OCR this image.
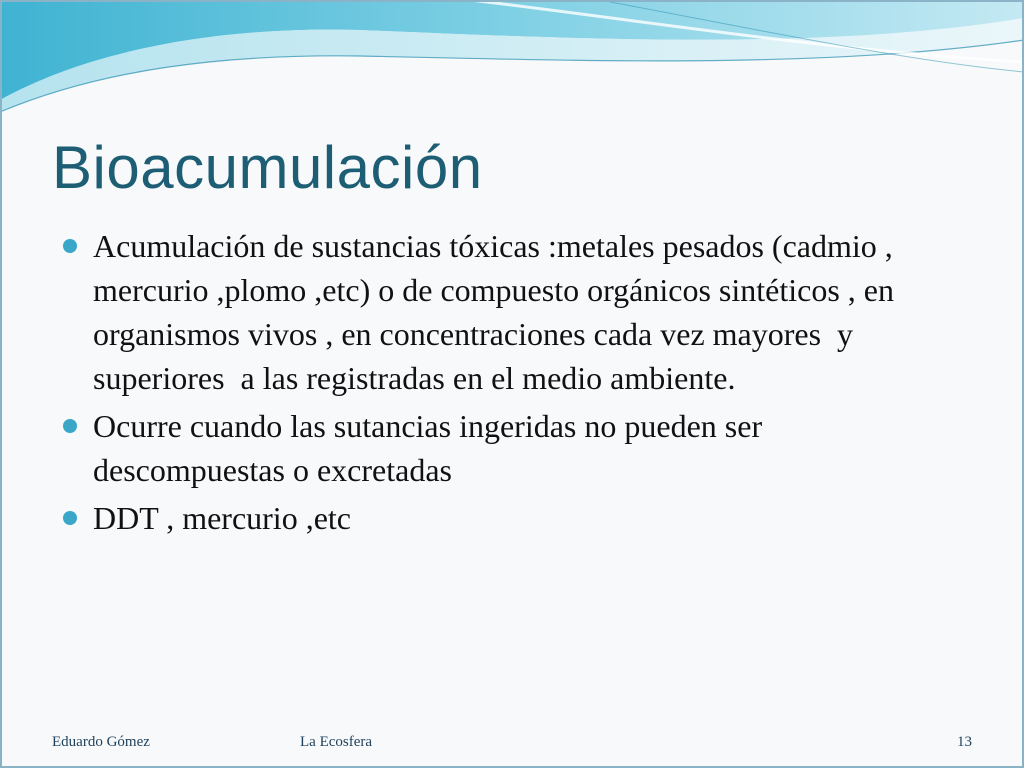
Bioacumulación
Acumulación de sustancias tóxicas :metales pesados (cadmio , mercurio ,plomo ,etc) o de compuesto orgánicos sintéticos , en organismos vivos , en concentraciones cada vez mayores  y superiores  a las registradas en el medio ambiente.
Ocurre cuando las sutancias ingeridas no pueden ser descompuestas o excretadas
DDT , mercurio ,etc
Eduardo Gómez	La Ecosfera	13
